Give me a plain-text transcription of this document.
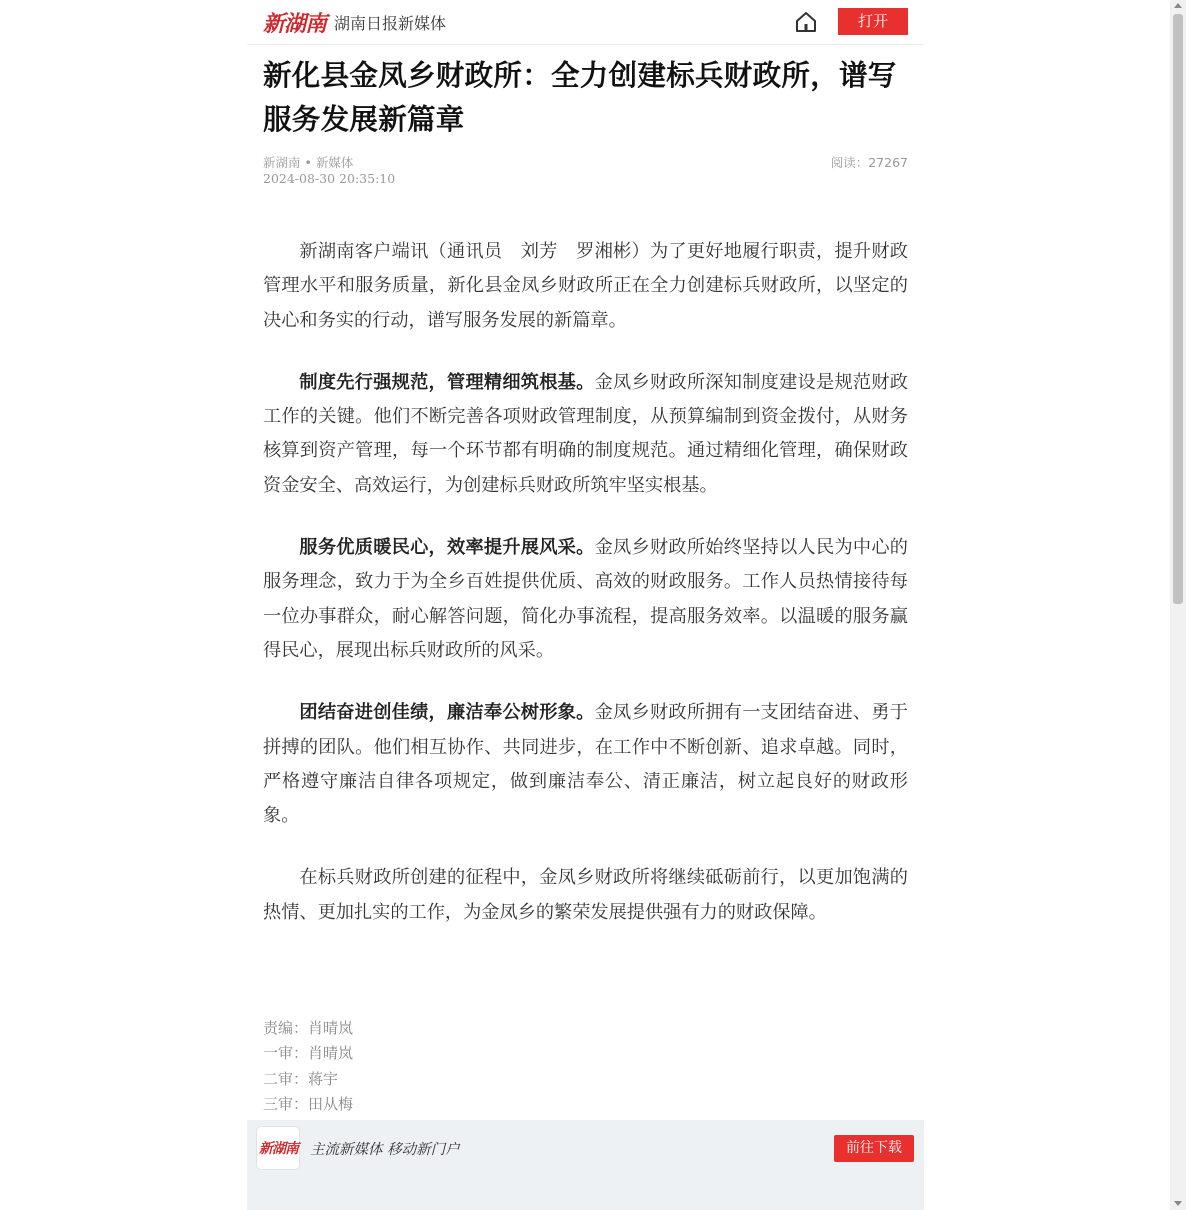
新湖南 湖南日报新媒体	打开
新化县金凤乡财政所：全力创建标兵财政所，谱写服务发展新篇章
新湖南 • 新媒体
2024-08-30 20:35:10
阅读：27267

新湖南客户端讯（通讯员　刘芳　罗湘彬）为了更好地履行职责，提升财政管理水平和服务质量，新化县金凤乡财政所正在全力创建标兵财政所，以坚定的决心和务实的行动，谱写服务发展的新篇章。

制度先行强规范，管理精细筑根基。金凤乡财政所深知制度建设是规范财政工作的关键。他们不断完善各项财政管理制度，从预算编制到资金拨付，从财务核算到资产管理，每一个环节都有明确的制度规范。通过精细化管理，确保财政资金安全、高效运行，为创建标兵财政所筑牢坚实根基。

服务优质暖民心，效率提升展风采。金凤乡财政所始终坚持以人民为中心的服务理念，致力于为全乡百姓提供优质、高效的财政服务。工作人员热情接待每一位办事群众，耐心解答问题，简化办事流程，提高服务效率。以温暖的服务赢得民心，展现出标兵财政所的风采。

团结奋进创佳绩，廉洁奉公树形象。金凤乡财政所拥有一支团结奋进、勇于拼搏的团队。他们相互协作、共同进步，在工作中不断创新、追求卓越。同时，严格遵守廉洁自律各项规定，做到廉洁奉公、清正廉洁，树立起良好的财政形象。

在标兵财政所创建的征程中，金凤乡财政所将继续砥砺前行，以更加饱满的热情、更加扎实的工作，为金凤乡的繁荣发展提供强有力的财政保障。

责编：肖晴岚
一审：肖晴岚
二审：蒋宇
三审：田从梅
新湖南 主流新媒体 移动新门户	前往下载
